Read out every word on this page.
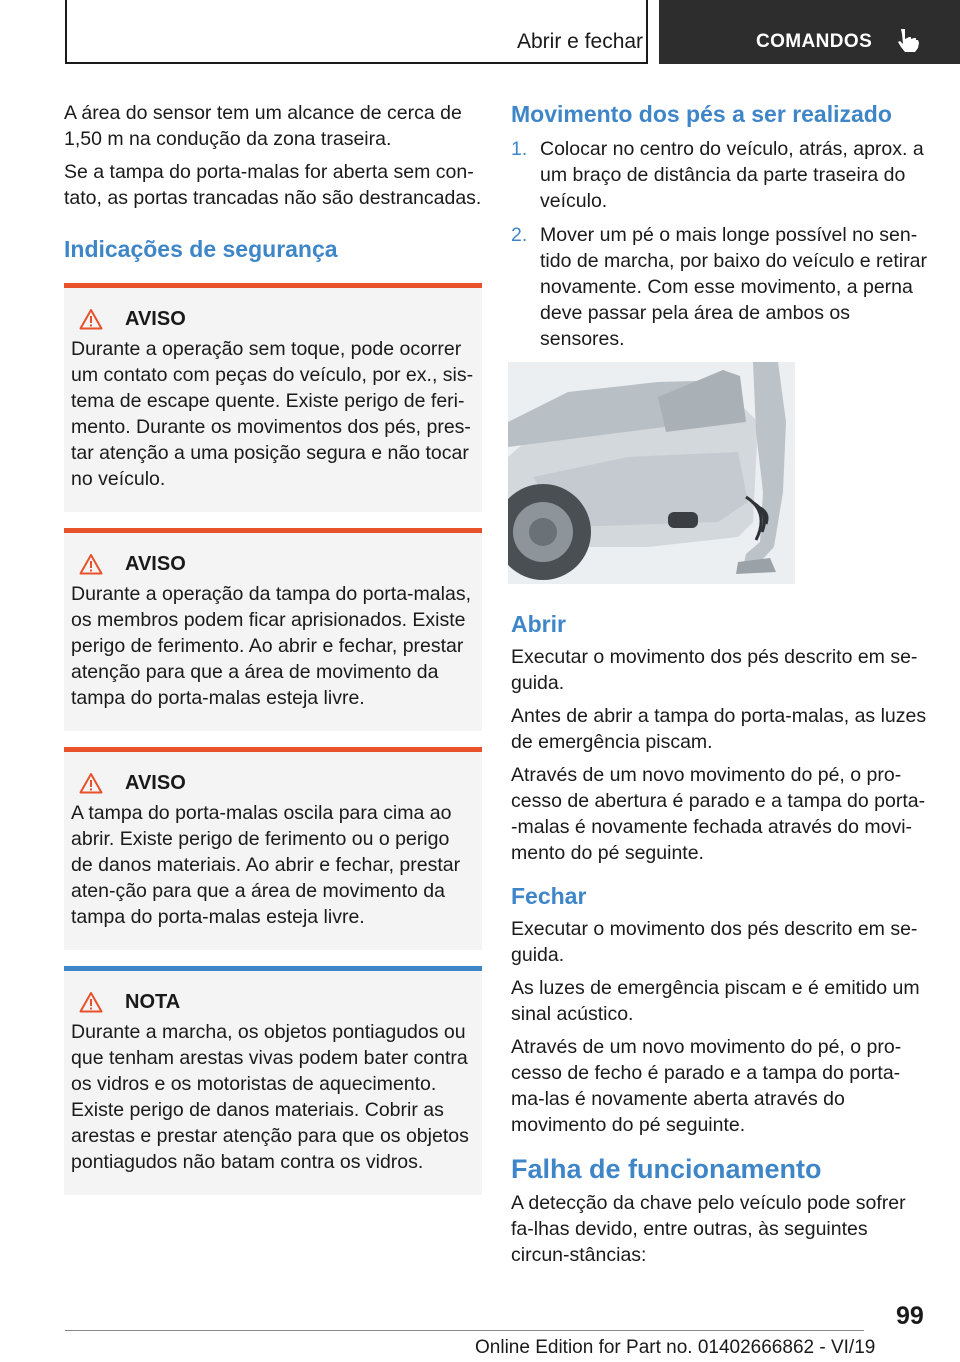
Abrir e fechar	COMANDOS

A área do sensor tem um alcance de cerca de 1,50 m na condução da zona traseira.

Se a tampa do porta-malas for aberta sem con-tato, as portas trancadas não são destrancadas.

Indicações de segurança
AVISO

Durante a operação sem toque, pode ocorrer um contato com peças do veículo, por ex., sis-tema de escape quente. Existe perigo de feri-mento. Durante os movimentos dos pés, pres-tar atenção a uma posição segura e não tocar no veículo.

AVISO

Durante a operação da tampa do porta-malas, os membros podem ficar aprisionados. Existe perigo de ferimento. Ao abrir e fechar, prestar atenção para que a área de movimento da tampa do porta-malas esteja livre.

AVISO

A tampa do porta-malas oscila para cima ao abrir. Existe perigo de ferimento ou o perigo de danos materiais. Ao abrir e fechar, prestar aten-ção para que a área de movimento da tampa do porta-malas esteja livre.

NOTA

Durante a marcha, os objetos pontiagudos ou que tenham arestas vivas podem bater contra os vidros e os motoristas de aquecimento. Existe perigo de danos materiais. Cobrir as arestas e prestar atenção para que os objetos pontiagudos não batam contra os vidros.

Movimento dos pés a ser realizado
1. Colocar no centro do veículo, atrás, aprox. a um braço de distância da parte traseira do veículo.
2. Mover um pé o mais longe possível no sen-tido de marcha, por baixo do veículo e retirar novamente. Com esse movimento, a perna deve passar pela área de ambos os sensores.
Abrir

Executar o movimento dos pés descrito em se-guida.

Antes de abrir a tampa do porta-malas, as luzes de emergência piscam.

Através de um novo movimento do pé, o pro-cesso de abertura é parado e a tampa do porta--malas é novamente fechada através do movi-mento do pé seguinte.

Fechar

Executar o movimento dos pés descrito em se-guida.

As luzes de emergência piscam e é emitido um sinal acústico.

Através de um novo movimento do pé, o pro-cesso de fecho é parado e a tampa do porta-ma-las é novamente aberta através do movimento do pé seguinte.

Falha de funcionamento

A detecção da chave pelo veículo pode sofrer fa-lhas devido, entre outras, às seguintes circun-stâncias:

99
Online Edition for Part no. 01402666862 - VI/19
